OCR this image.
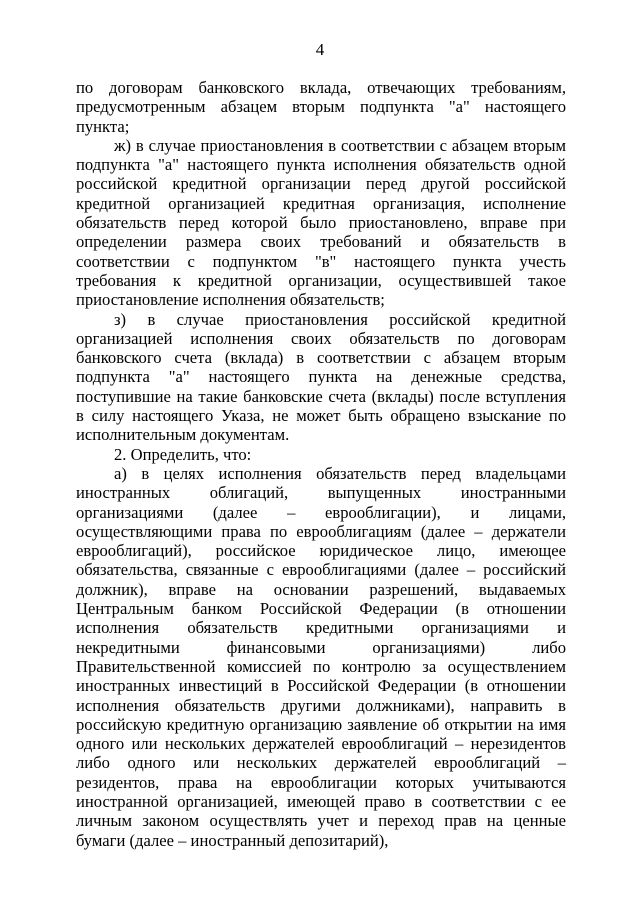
4

по договорам банковского вклада, отвечающих требованиям, предусмотренным абзацем вторым подпункта "а" настоящего пункта;

ж) в случае приостановления в соответствии с абзацем вторым подпункта "а" настоящего пункта исполнения обязательств одной российской кредитной организации перед другой российской кредитной организацией кредитная организация, исполнение обязательств перед которой было приостановлено, вправе при определении размера своих требований и обязательств в соответствии с подпунктом "в" настоящего пункта учесть требования к кредитной организации, осуществившей такое приостановление исполнения обязательств;

з) в случае приостановления российской кредитной организацией исполнения своих обязательств по договорам банковского счета (вклада) в соответствии с абзацем вторым подпункта "а" настоящего пункта на денежные средства, поступившие на такие банковские счета (вклады) после вступления в силу настоящего Указа, не может быть обращено взыскание по исполнительным документам.

2. Определить, что:

а) в целях исполнения обязательств перед владельцами иностранных облигаций, выпущенных иностранными организациями (далее – еврооблигации), и лицами, осуществляющими права по еврооблигациям (далее – держатели еврооблигаций), российское юридическое лицо, имеющее обязательства, связанные с еврооблигациями (далее – российский должник), вправе на основании разрешений, выдаваемых Центральным банком Российской Федерации (в отношении исполнения обязательств кредитными организациями и некредитными финансовыми организациями) либо Правительственной комиссией по контролю за осуществлением иностранных инвестиций в Российской Федерации (в отношении исполнения обязательств другими должниками), направить в российскую кредитную организацию заявление об открытии на имя одного или нескольких держателей еврооблигаций – нерезидентов либо одного или нескольких держателей еврооблигаций – резидентов, права на еврооблигации которых учитываются иностранной организацией, имеющей право в соответствии с ее личным законом осуществлять учет и переход прав на ценные бумаги (далее – иностранный депозитарий),
